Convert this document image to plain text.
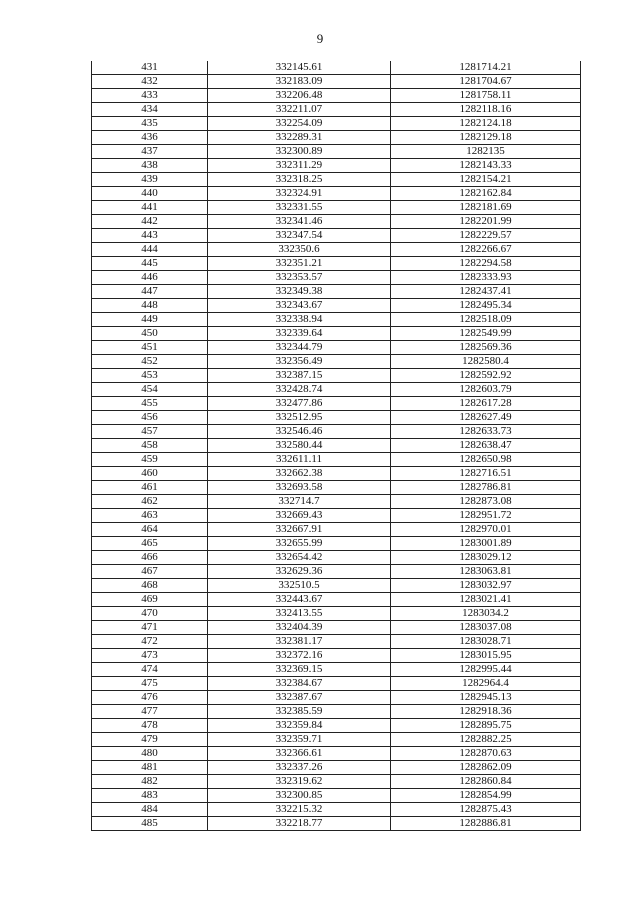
9
431	332145.61	1281714.21
432	332183.09	1281704.67
433	332206.48	1281758.11
434	332211.07	1282118.16
435	332254.09	1282124.18
436	332289.31	1282129.18
437	332300.89	1282135
438	332311.29	1282143.33
439	332318.25	1282154.21
440	332324.91	1282162.84
441	332331.55	1282181.69
442	332341.46	1282201.99
443	332347.54	1282229.57
444	332350.6	1282266.67
445	332351.21	1282294.58
446	332353.57	1282333.93
447	332349.38	1282437.41
448	332343.67	1282495.34
449	332338.94	1282518.09
450	332339.64	1282549.99
451	332344.79	1282569.36
452	332356.49	1282580.4
453	332387.15	1282592.92
454	332428.74	1282603.79
455	332477.86	1282617.28
456	332512.95	1282627.49
457	332546.46	1282633.73
458	332580.44	1282638.47
459	332611.11	1282650.98
460	332662.38	1282716.51
461	332693.58	1282786.81
462	332714.7	1282873.08
463	332669.43	1282951.72
464	332667.91	1282970.01
465	332655.99	1283001.89
466	332654.42	1283029.12
467	332629.36	1283063.81
468	332510.5	1283032.97
469	332443.67	1283021.41
470	332413.55	1283034.2
471	332404.39	1283037.08
472	332381.17	1283028.71
473	332372.16	1283015.95
474	332369.15	1282995.44
475	332384.67	1282964.4
476	332387.67	1282945.13
477	332385.59	1282918.36
478	332359.84	1282895.75
479	332359.71	1282882.25
480	332366.61	1282870.63
481	332337.26	1282862.09
482	332319.62	1282860.84
483	332300.85	1282854.99
484	332215.32	1282875.43
485	332218.77	1282886.81
